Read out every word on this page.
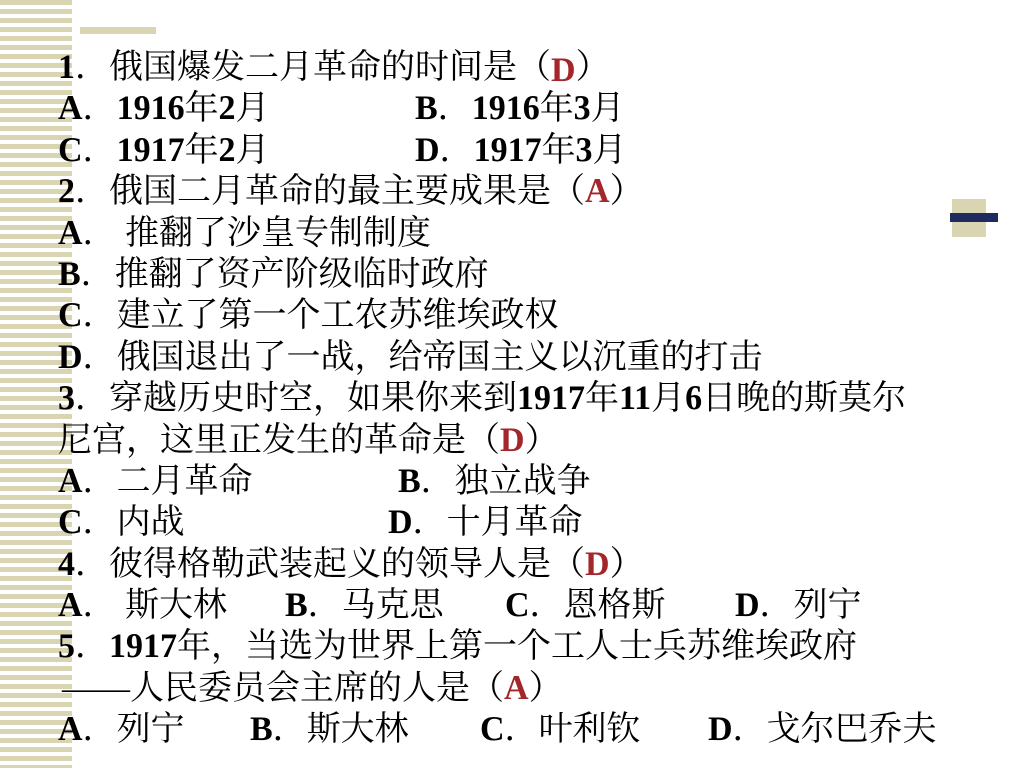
1．俄国爆发二月革命的时间是（D）
A．1916年2月	B．1916年3月
C．1917年2月	D．1917年3月
2．俄国二月革命的最主要成果是（A）
A． 推翻了沙皇专制制度
B．推翻了资产阶级临时政府
C．建立了第一个工农苏维埃政权
D．俄国退出了一战，给帝国主义以沉重的打击
3．穿越历史时空，如果你来到1917年11月6日晚的斯莫尔
尼宫，这里正发生的革命是（D）
A．二月革命	B．独立战争
C．内战	D．十月革命
4．彼得格勒武装起义的领导人是（D）
A． 斯大林 B．马克思 C．恩格斯 D．列宁
5．1917年，当选为世界上第一个工人士兵苏维埃政府
——人民委员会主席的人是（A）
A．列宁 B．斯大林 C．叶利钦 D．戈尔巴乔夫
